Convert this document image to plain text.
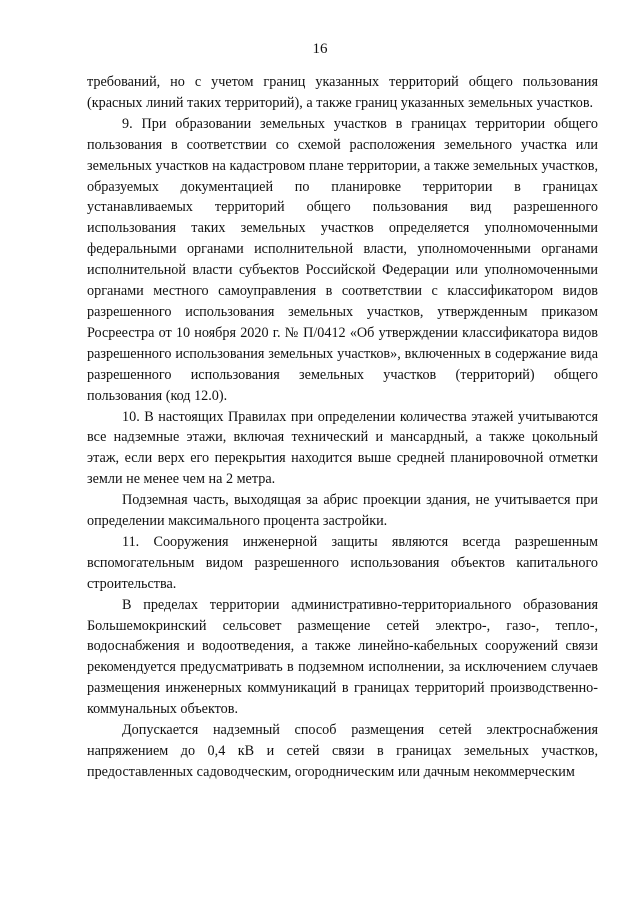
16

требований, но с учетом границ указанных территорий общего пользования (красных линий таких территорий), а также границ указанных земельных участков.

9. При образовании земельных участков в границах территории общего пользования в соответствии со схемой расположения земельного участка или земельных участков на кадастровом плане территории, а также земельных участков, образуемых документацией по планировке территории в границах устанавливаемых территорий общего пользования вид разрешенного использования таких земельных участков определяется уполномоченными федеральными органами исполнительной власти, уполномоченными органами исполнительной власти субъектов Российской Федерации или уполномоченными органами местного самоуправления в соответствии с классификатором видов разрешенного использования земельных участков, утвержденным приказом Росреестра от 10 ноября 2020 г. № П/0412 «Об утверждении классификатора видов разрешенного использования земельных участков», включенных в содержание вида разрешенного использования земельных участков (территорий) общего пользования (код 12.0).

10. В настоящих Правилах при определении количества этажей учитываются все надземные этажи, включая технический и мансардный, а также цокольный этаж, если верх его перекрытия находится выше средней планировочной отметки земли не менее чем на 2 метра.

Подземная часть, выходящая за абрис проекции здания, не учитывается при определении максимального процента застройки.

11. Сооружения инженерной защиты являются всегда разрешенным вспомогательным видом разрешенного использования объектов капитального строительства.

В пределах территории административно-территориального образования Большемокринский сельсовет размещение сетей электро-, газо-, тепло-, водоснабжения и водоотведения, а также линейно-кабельных сооружений связи рекомендуется предусматривать в подземном исполнении, за исключением случаев размещения инженерных коммуникаций в границах территорий производственно-коммунальных объектов.

Допускается надземный способ размещения сетей электроснабжения напряжением до 0,4 кВ и сетей связи в границах земельных участков, предоставленных садоводческим, огородническим или дачным некоммерческим
